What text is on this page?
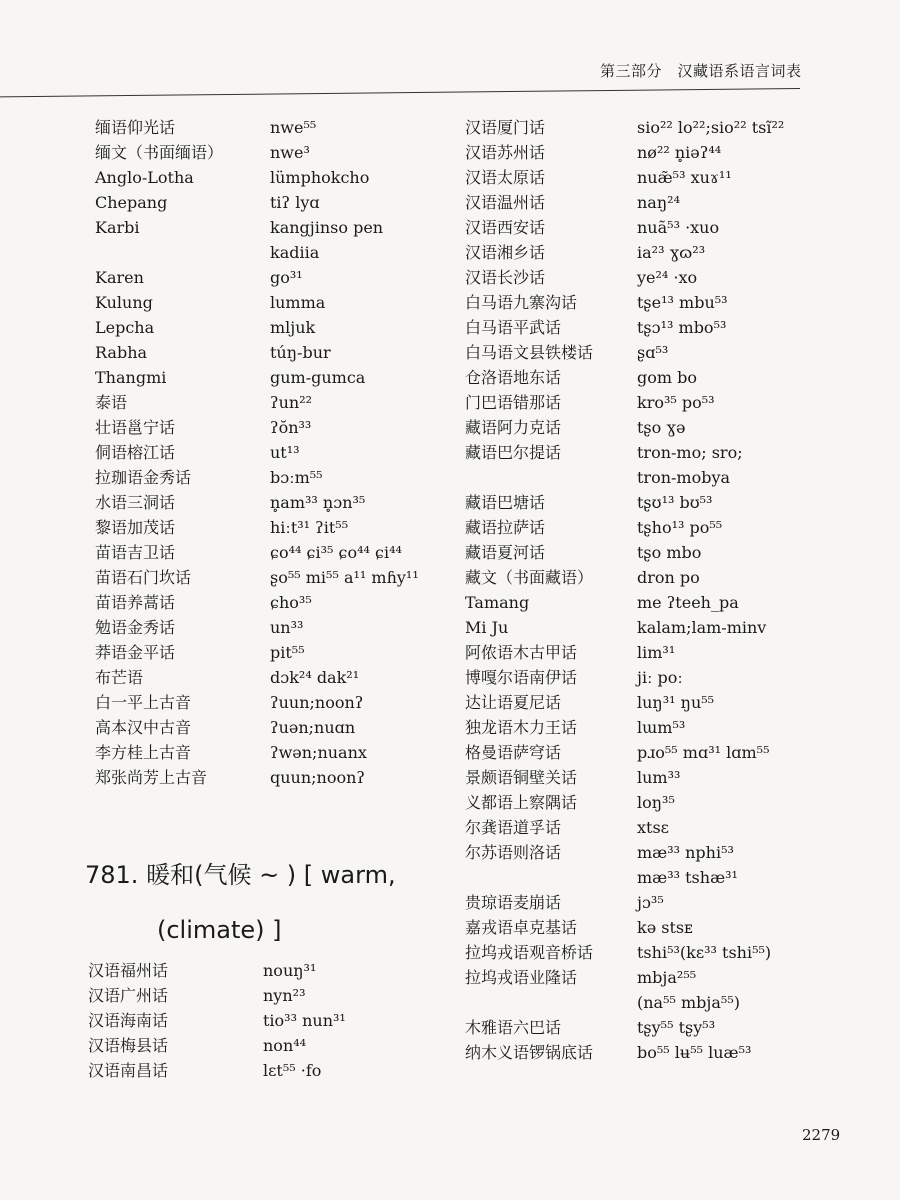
第三部分　汉藏语系语言词表
缅语仰光话	nwe⁵⁵
缅文（书面缅语）	nwe³
Anglo-Lotha	lümphokcho
Chepang	tiʔ lyɑ
Karbi	kangjinso pen
kadiia
Karen	go³¹
Kulung	lumma
Lepcha	mljuk
Rabha	túŋ-bur
Thangmi	gum-gumca
泰语	ʔun²²
壮语邕宁话	ʔŏn³³
侗语榕江话	ut¹³
拉珈语金秀话	bɔːm⁵⁵
水语三洞话	n̥am³³ n̥ɔn³⁵
黎语加茂话	hiːt³¹ ʔit⁵⁵
苗语吉卫话	ɕo⁴⁴ ɕi³⁵ ɕo⁴⁴ ɕi⁴⁴
苗语石门坎话	ʂo⁵⁵ mi⁵⁵ a¹¹ mɦy¹¹
苗语养蒿话	ɕho³⁵
勉语金秀话	un³³
莽语金平话	pit⁵⁵
布芒语	dɔk²⁴ dak²¹
白一平上古音	ʔuun;noonʔ
高本汉中古音	ʔuən;nuɑn
李方桂上古音	ʔwən;nuanx
郑张尚芳上古音	quun;noonʔ
781. 暖和(气候 ~ ) [ warm,
(climate) ]
汉语福州话	nouŋ³¹
汉语广州话	nyn²³
汉语海南话	tio³³ nun³¹
汉语梅县话	non⁴⁴
汉语南昌话	lɛt⁵⁵ ·fo
汉语厦门话	sio²² lo²²;sio²² tsĩ²²
汉语苏州话	nø²² n̥iəʔ⁴⁴
汉语太原话	nuæ̃⁵³ xuɤ¹¹
汉语温州话	naŋ²⁴
汉语西安话	nuã⁵³ ·xuo
汉语湘乡话	ia²³ ɣɷ²³
汉语长沙话	ye²⁴ ·xo
白马语九寨沟话	tʂe¹³ mbu⁵³
白马语平武话	tʂɔ¹³ mbo⁵³
白马语文县铁楼话	ʂɑ⁵³
仓洛语地东话	gom bo
门巴语错那话	kro³⁵ po⁵³
藏语阿力克话	tʂo ɣə
藏语巴尔提话	tron-mo; sro;
tron-mobya
藏语巴塘话	tʂʊ¹³ bʊ⁵³
藏语拉萨话	tʂho¹³ po⁵⁵
藏语夏河话	tʂo mbo
藏文（书面藏语）	dron po
Tamang	me ʔteeh_pa
Mi Ju	kalam;lam-minv
阿侬语木古甲话	lim³¹
博嘎尔语南伊话	jiː poː
达让语夏尼话	luŋ³¹ ŋu⁵⁵
独龙语木力王话	lɯm⁵³
格曼语萨穹话	pɹo⁵⁵ mɑ³¹ lɑm⁵⁵
景颇语铜壁关话	lum³³
义都语上察隅话	loŋ³⁵
尔龚语道孚话	xtsɛ
尔苏语则洛话	mæ³³ nphi⁵³
mæ³³ tshæ³¹
贵琼语麦崩话	jɔ³⁵
嘉戎语卓克基话	kə stsᴇ
拉坞戎语观音桥话	tshi⁵³(kɛ³³ tshi⁵⁵)
拉坞戎语业隆话	mbja²⁵⁵
(na⁵⁵ mbja⁵⁵)
木雅语六巴话	tʂy⁵⁵ tʂy⁵³
纳木义语锣锅底话	bo⁵⁵ lʉ⁵⁵ luæ⁵³
2279
